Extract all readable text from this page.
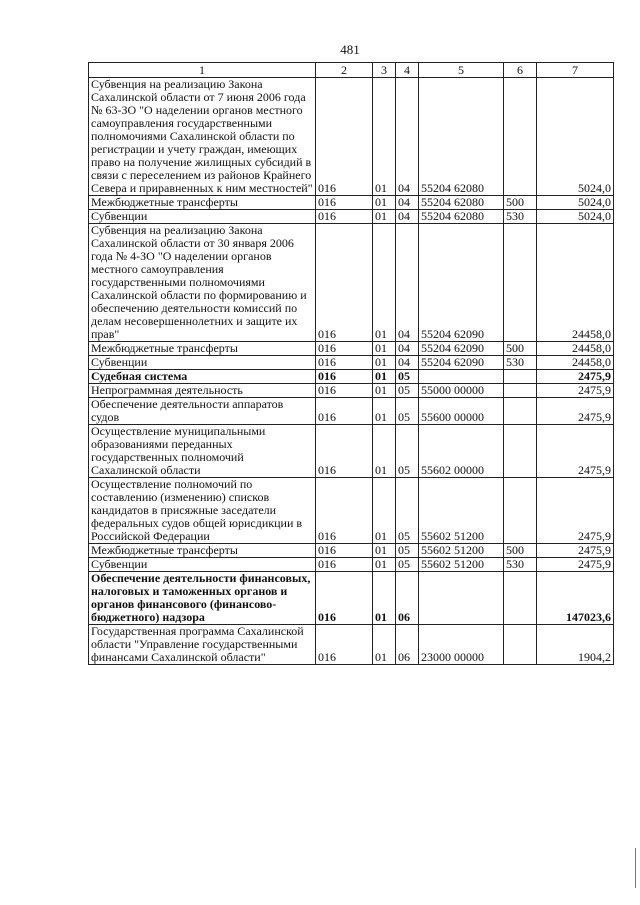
481
1	2	3	4	5	6	7
Субвенция на реализацию Закона Сахалинской области от 7 июня 2006 года № 63-ЗО "О наделении органов местного самоуправления государственными полномочиями Сахалинской области по регистрации и учету граждан, имеющих право на получение жилищных субсидий в связи с переселением из районов Крайнего Севера и приравненных к ним местностей"	016	01	04	55204 62080		5024,0
Межбюджетные трансферты	016	01	04	55204 62080	500	5024,0
Субвенции	016	01	04	55204 62080	530	5024,0
Субвенция на реализацию Закона Сахалинской области от 30 января 2006 года № 4-ЗО "О наделении органов местного самоуправления государственными полномочиями Сахалинской области по формированию и обеспечению деятельности комиссий по делам несовершеннолетних и защите их прав"	016	01	04	55204 62090		24458,0
Межбюджетные трансферты	016	01	04	55204 62090	500	24458,0
Субвенции	016	01	04	55204 62090	530	24458,0
Судебная система	016	01	05			2475,9
Непрограммная деятельность	016	01	05	55000 00000		2475,9
Обеспечение деятельности аппаратов судов	016	01	05	55600 00000		2475,9
Осуществление муниципальными образованиями переданных государственных полномочий Сахалинской области	016	01	05	55602 00000		2475,9
Осуществление полномочий по составлению (изменению) списков кандидатов в присяжные заседатели федеральных судов общей юрисдикции в Российской Федерации	016	01	05	55602 51200		2475,9
Межбюджетные трансферты	016	01	05	55602 51200	500	2475,9
Субвенции	016	01	05	55602 51200	530	2475,9
Обеспечение деятельности финансовых, налоговых и таможенных органов и органов финансового (финансово-бюджетного) надзора	016	01	06			147023,6
Государственная программа Сахалинской области "Управление государственными финансами Сахалинской области"	016	01	06	23000 00000		1904,2
